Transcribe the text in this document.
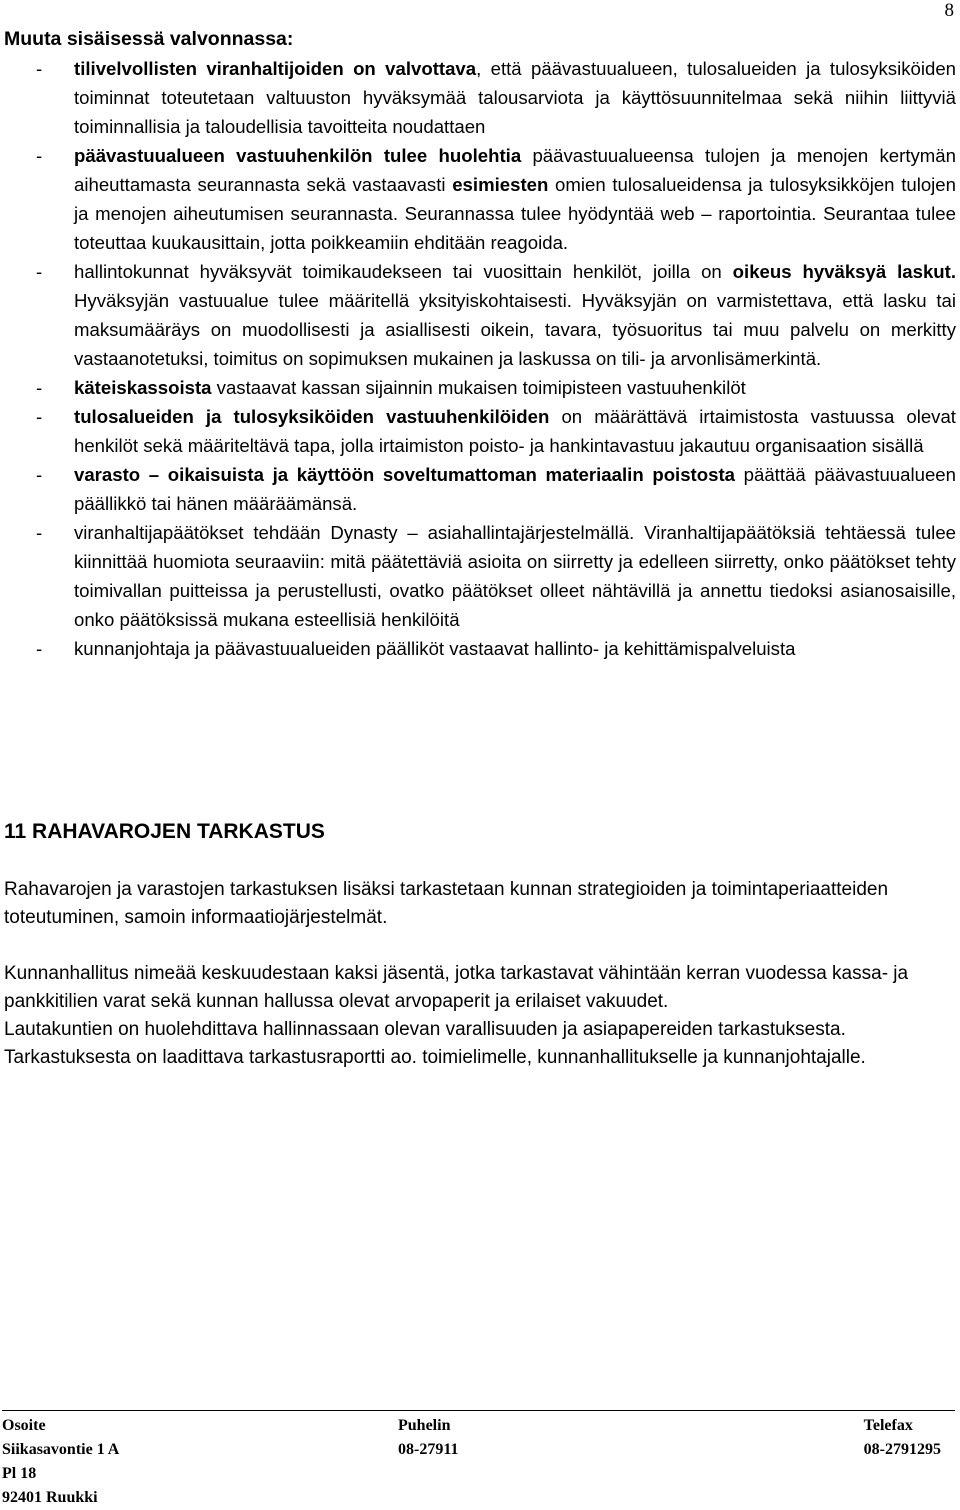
8
Muuta sisäisessä valvonnassa:
- tilivelvollisten viranhaltijoiden on valvottava, että päävastuualueen, tulosalueiden ja tulosyksiköiden toiminnat toteutetaan valtuuston hyväksymää talousarviota ja käyttösuunnitelmaa sekä niihin liittyviä toiminnallisia ja taloudellisia tavoitteita noudattaen
- päävastuualueen vastuuhenkilön tulee huolehtia päävastuualueensa tulojen ja menojen kertymän aiheuttamasta seurannasta sekä vastaavasti esimiesten omien tulosalueidensa ja tulosyksikköjen tulojen ja menojen aiheutumisen seurannasta. Seurannassa tulee hyödyntää web – raportointia. Seurantaa tulee toteuttaa kuukausittain, jotta poikkeamiin ehditään reagoida.
- hallintokunnat hyväksyvät toimikaudekseen tai vuosittain henkilöt, joilla on oikeus hyväksyä laskut. Hyväksyjän vastuualue tulee määritellä yksityiskohtaisesti. Hyväksyjän on varmistettava, että lasku tai maksumääräys on muodollisesti ja asiallisesti oikein, tavara, työsuoritus tai muu palvelu on merkitty vastaanotetuksi, toimitus on sopimuksen mukainen ja laskussa on tili- ja arvonlisämerkintä.
- käteiskassoista vastaavat kassan sijainnin mukaisen toimipisteen vastuuhenkilöt
- tulosalueiden ja tulosyksiköiden vastuuhenkilöiden on määrättävä irtaimistosta vastuussa olevat henkilöt sekä määriteltävä tapa, jolla irtaimiston poisto- ja hankintavastuu jakautuu organisaation sisällä
- varasto – oikaisuista ja käyttöön soveltumattoman materiaalin poistosta päättää päävastuualueen päällikkö tai hänen määräämänsä.
- viranhaltijapäätökset tehdään Dynasty – asiahallintajärjestelmällä. Viranhaltijapäätöksiä tehtäessä tulee kiinnittää huomiota seuraaviin: mitä päätettäviä asioita on siirretty ja edelleen siirretty, onko päätökset tehty toimivallan puitteissa ja perustellusti, ovatko päätökset olleet nähtävillä ja annettu tiedoksi asianosaisille, onko päätöksissä mukana esteellisiä henkilöitä
- kunnanjohtaja ja päävastuualueiden päälliköt vastaavat hallinto- ja kehittämispalveluista
11 RAHAVAROJEN TARKASTUS
Rahavarojen ja varastojen tarkastuksen lisäksi tarkastetaan kunnan strategioiden ja toimintaperiaatteiden toteutuminen, samoin informaatiojärjestelmät.
Kunnanhallitus nimeää keskuudestaan kaksi jäsentä, jotka tarkastavat vähintään kerran vuodessa kassa- ja pankkitilien varat sekä kunnan hallussa olevat arvopaperit ja erilaiset vakuudet.
Lautakuntien on huolehdittava hallinnassaan olevan varallisuuden ja asiapapereiden tarkastuksesta.
Tarkastuksesta on laadittava tarkastusraportti ao. toimielimelle, kunnanhallitukselle ja kunnanjohtajalle.
Osoite
Siikasavontie 1 A
Pl 18
92401 Ruukki
Puhelin
08-27911
Telefax
08-2791295
